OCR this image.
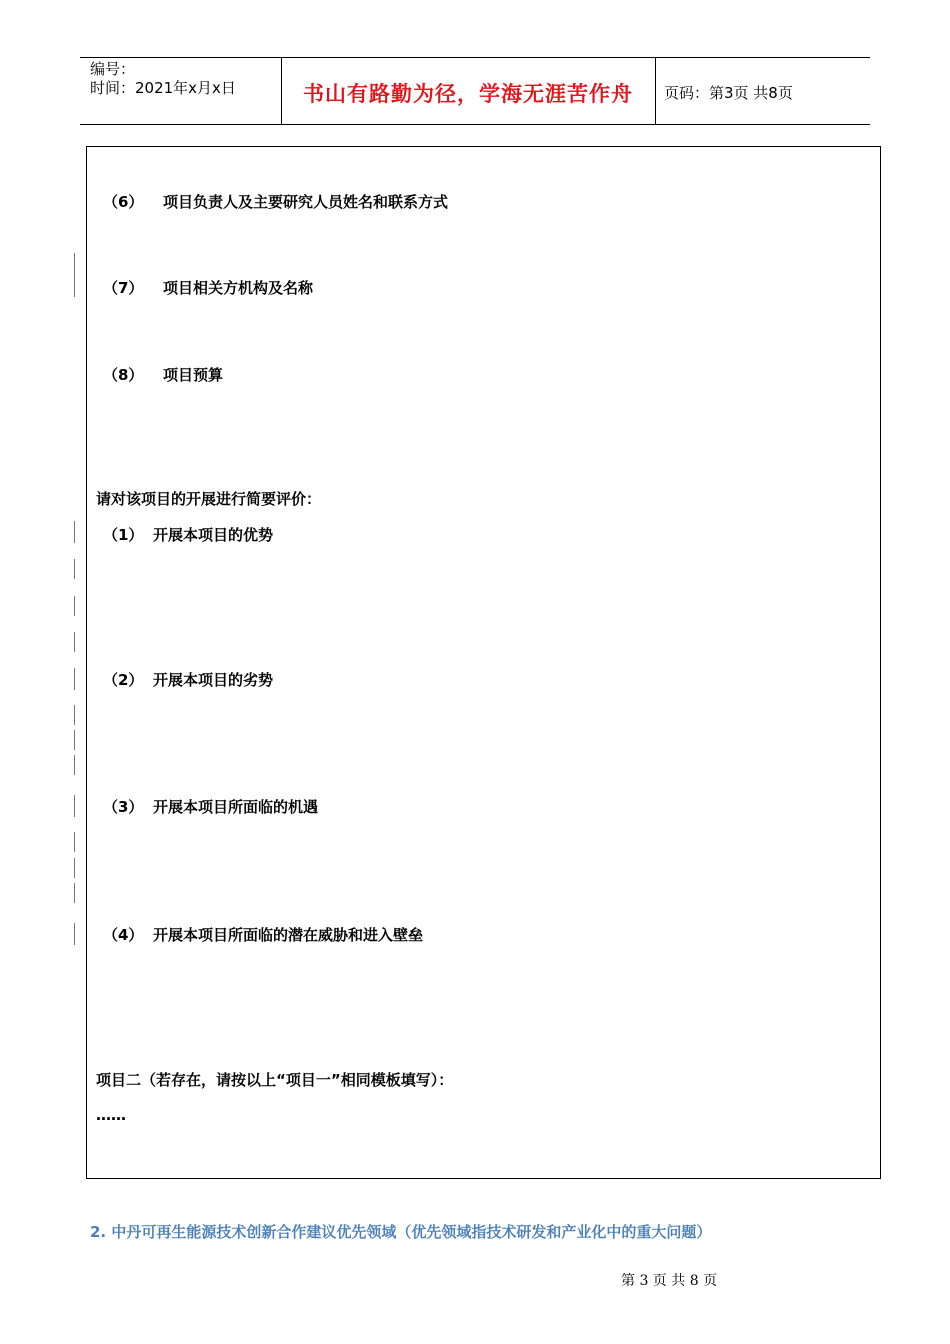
编号：
时间：2021年x月x日	书山有路勤为径，学海无涯苦作舟	页码：第3页 共8页
（6） 项目负责人及主要研究人员姓名和联系方式
（7） 项目相关方机构及名称
（8） 项目预算
请对该项目的开展进行简要评价：
（1） 开展本项目的优势
（2） 开展本项目的劣势
（3） 开展本项目所面临的机遇
（4） 开展本项目所面临的潜在威胁和进入壁垒
项目二（若存在，请按以上“项目一”相同模板填写）：
……
2. 中丹可再生能源技术创新合作建议优先领域（优先领域指技术研发和产业化中的重大问题）
第 3 页 共 8 页
